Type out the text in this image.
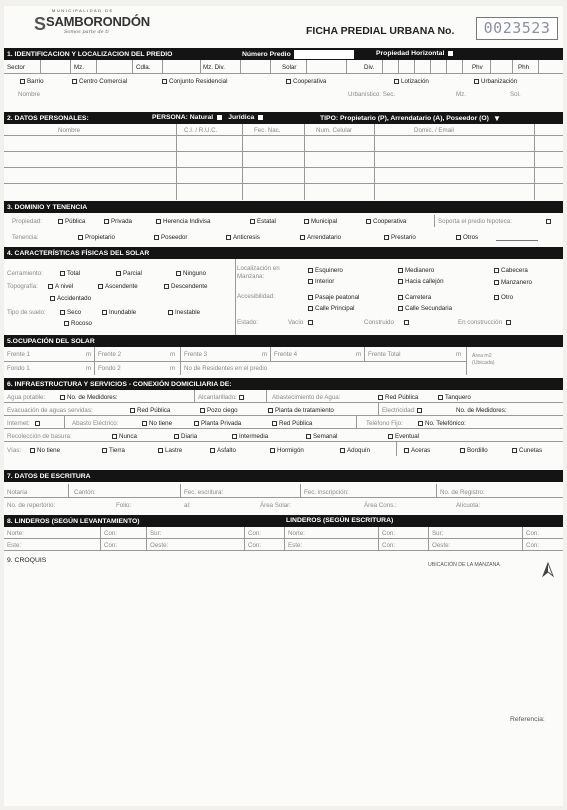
S
MUNICIPALIDAD DE
SAMBORONDÓN
Somos parte de ti	FICHA PREDIAL URBANA No.	0023523
1. IDENTIFICACION Y LOCALIZACION DEL PREDIO	Número Predio	Propiedad Horizontal
Sector	Mz.	Cdla.	Mz. Div.	Solar	Div.	Phv	Phh
Barrio	Centro Comercial	Conjunto Residencial	Cooperativa	Lotización	Urbanización
Nombre	Urbanístico: Sec.	Mz.	Sol.
2. DATOS PERSONALES:	PERSONA: Natural Jurídica	TIPO: Propietario (P), Arrendatario (A), Poseedor (O) ▼
Nombre	C.I. / R.U.C.	Fec. Nac.	Num. Celular	Domic. / Email
3. DOMINIO Y TENENCIA
Propiedad:	Pública	Privada	Herencia Indivisa	Estatal	Municipal	Cooperativa	Soporta el predio hipoteca:
Tenencia:	Propietario	Poseedor	Anticresis	Arrendatario	Prestario	Otros
4. CARACTERÍSTICAS FÍSICAS DEL SOLAR
Cerramiento:	Total	Parcial	Ninguno
Topografía:	A nivel	Ascendente	Descendente
Accidentado
Tipo de suelo:	Seco	Inundable	Inestable
Rocoso
Localización en Manzana:
Esquinero	Medianero	Cabecera
Interior	Hacia callejón	Manzanero
Accesibilidad:	Pasaje peatonal	Carretera	Otro
Calle Principal	Calle Secundaria
Estado:	Vacío	Construido	En construcción
5.OCUPACIÓN DEL SOLAR
Frente 1	m Frente 2	m Frente 3	m Frente 4	m Frente Total	m Área m2 (Ubicada)
Fondo 1	m Fondo 2	m No de Residentes en el predio
6. INFRAESTRUCTURA Y SERVICIOS - CONEXIÓN DOMICILIARIA DE:
Agua potable:	No. de Medidores:	Alcantarillado:	Abastecimiento de Agua:	Red Pública	Tanquero
Evacuación de aguas servidas:	Red Pública	Pozo ciego	Planta de tratamiento	Electricidad:	No. de Medidores:
Internet:	Abasto Eléctrico:	No tiene	Planta Privada	Red Pública	Teléfono Fijo:	No. Telefónico:
Recolección de basura:	Nunca	Diaria	Intermedia	Semanal	Eventual
Vías:	No tiene	Tierra	Lastre	Asfalto	Hormigón	Adoquín	Aceras	Bordillo	Cunetas
7. DATOS DE ESCRITURA
Notaría	Cantón:	Fec. escritura:	Fec. inscripción:	No. de Registro:
No. de repertorio:	Folio:	al:	Área Solar:	Área Cons.:	Alícuota:
8. LINDEROS (SEGÚN LEVANTAMIENTO)	LINDEROS (SEGÚN ESCRITURA)
Norte:	Con:	Sur:	Con:	Norte:	Con:	Sur:	Con:
Este:	Con:	Oeste:	Con:	Este:	Con:	Oeste:	Con:
9. CROQUIS
UBICACIÓN DE LA MANZANA
Referencia:
